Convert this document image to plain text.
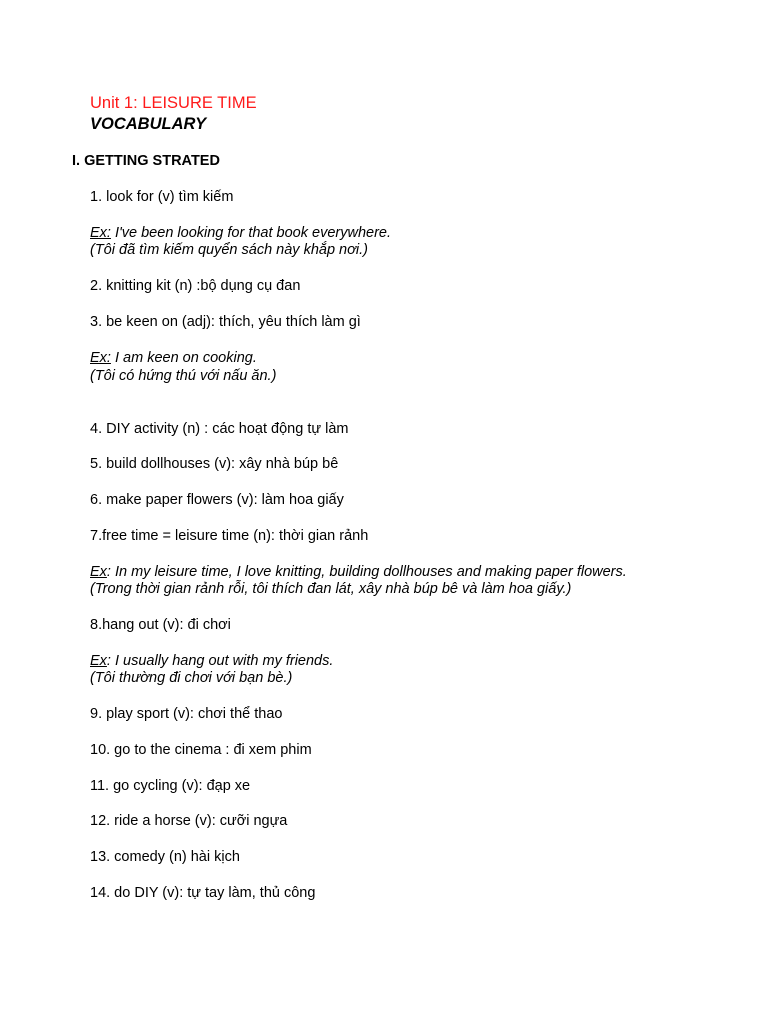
Unit 1: LEISURE TIME
VOCABULARY
I. GETTING STRATED
1. look for (v) tìm kiếm
Ex: I've been looking for that book everywhere.
(Tôi đã tìm kiếm quyển sách này khắp nơi.)
2. knitting kit (n) :bộ dụng cụ đan
3. be keen on (adj): thích, yêu thích làm gì
Ex: I am keen on cooking.
(Tôi có hứng thú với nấu ăn.)
4. DIY activity (n) : các hoạt động tự làm
5. build dollhouses (v): xây nhà búp bê
6. make paper flowers (v): làm hoa giấy
7.free time = leisure time (n): thời gian rảnh
Ex: In my leisure time, I love knitting, building dollhouses and making paper flowers.
(Trong thời gian rảnh rỗi, tôi thích đan lát, xây nhà búp bê và làm hoa giấy.)
8.hang out (v): đi chơi
Ex: I usually hang out with my friends.
(Tôi thường đi chơi với bạn bè.)
9. play sport (v): chơi thể thao
10. go to the cinema : đi xem phim
11. go cycling (v): đạp xe
12. ride a horse (v): cưỡi ngựa
13. comedy (n) hài kịch
14. do DIY (v): tự tay làm, thủ công
